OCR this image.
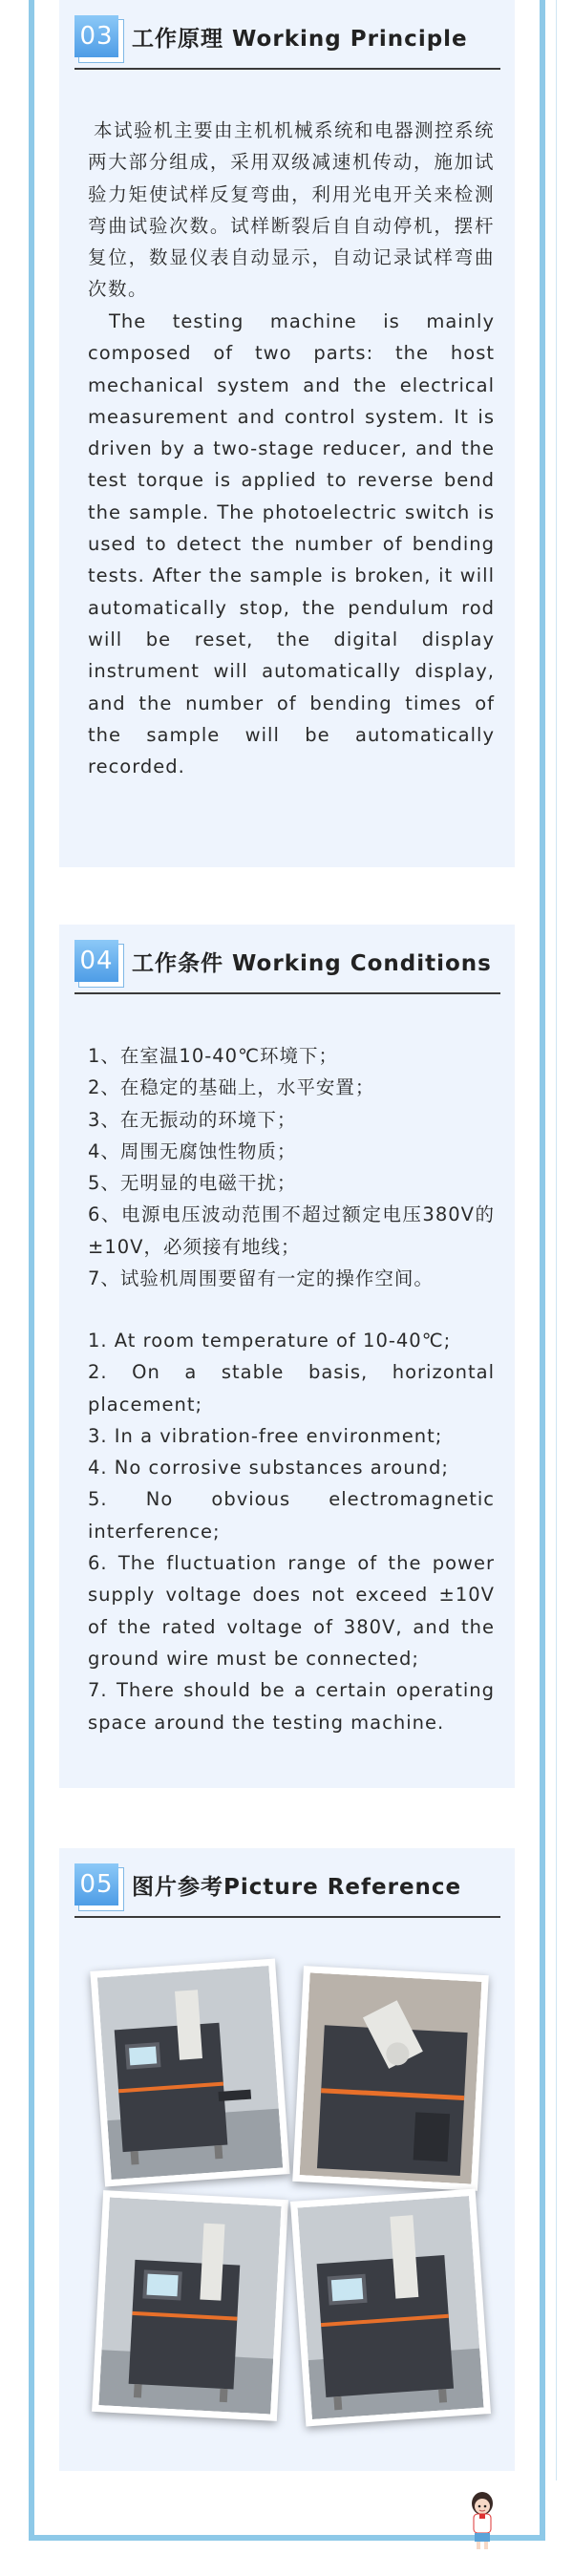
03 工作原理 Working Principle

本试验机主要由主机机械系统和电器测控系统两大部分组成，采用双级减速机传动，施加试验力矩使试样反复弯曲，利用光电开关来检测弯曲试验次数。试样断裂后自自动停机，摆杆复位，数显仪表自动显示，自动记录试样弯曲次数。

The testing machine is mainly composed of two parts: the host mechanical system and the electrical measurement and control system. It is driven by a two-stage reducer, and the test torque is applied to reverse bend the sample. The photoelectric switch is used to detect the number of bending tests. After the sample is broken, it will automatically stop, the pendulum rod will be reset, the digital display instrument will automatically display, and the number of bending times of the sample will be automatically recorded.

04 工作条件 Working Conditions
1、在室温10-40℃环境下；
2、在稳定的基础上，水平安置；
3、在无振动的环境下；
4、周围无腐蚀性物质；
5、无明显的电磁干扰；
6、电源电压波动范围不超过额定电压380V的±10V，必须接有地线；
7、试验机周围要留有一定的操作空间。
1. At room temperature of 10-40℃;
2. On a stable basis, horizontal placement;
3. In a vibration-free environment;
4. No corrosive substances around;
5. No obvious electromagnetic interference;
6. The fluctuation range of the power supply voltage does not exceed ±10V of the rated voltage of 380V, and the ground wire must be connected;
7. There should be a certain operating space around the testing machine.
05 图片参考Picture Reference
